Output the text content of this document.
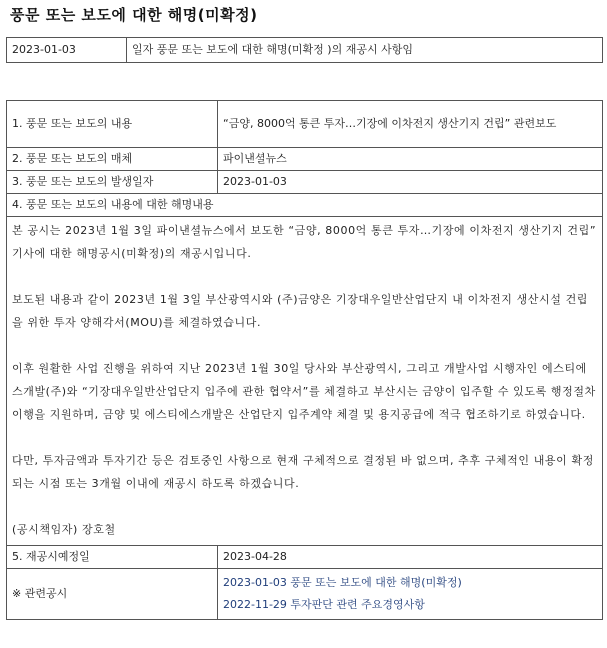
풍문 또는 보도에 대한 해명(미확정)
2023-01-03	일자 풍문 또는 보도에 대한 해명(미확정 )의 재공시 사항임
1. 풍문 또는 보도의 내용	“금양, 8000억 통큰 투자…기장에 이차전지 생산기지 건립” 관련보도
2. 풍문 또는 보도의 매체	파이낸셜뉴스
3. 풍문 또는 보도의 발생일자	2023-01-03
4. 풍문 또는 보도의 내용에 대한 해명내용	

본 공시는 2023년 1월 3일 파이낸셜뉴스에서 보도한 “금양, 8000억 통큰 투자…기장에 이차전지 생산기지 건립” 기사에 대한 해명공시(미확정)의 재공시입니다.

보도된 내용과 같이 2023년 1월 3일 부산광역시와 (주)금양은 기장대우일반산업단지 내 이차전지 생산시설 건립을 위한 투자 양해각서(MOU)를 체결하였습니다.

이후 원활한 사업 진행을 위하여 지난 2023년 1월 30일 당사와 부산광역시, 그리고 개발사업 시행자인 에스티에스개발(주)와 “기장대우일반산업단지 입주에 관한 협약서”를 체결하고 부산시는 금양이 입주할 수 있도록 행정절차 이행을 지원하며, 금양 및 에스티에스개발은 산업단지 입주계약 체결 및 용지공급에 적극 협조하기로 하였습니다.

다만, 투자금액과 투자기간 등은 검토중인 사항으로 현재 구체적으로 결정된 바 없으며, 추후 구체적인 내용이 확정되는 시점 또는 3개월 이내에 재공시 하도록 하겠습니다.

(공시책임자) 장호철	

5. 재공시예정일	2023-04-28
※ 관련공시	2023-01-03 풍문 또는 보도에 대한 해명(미확정)
2022-11-29 투자판단 관련 주요경영사항
